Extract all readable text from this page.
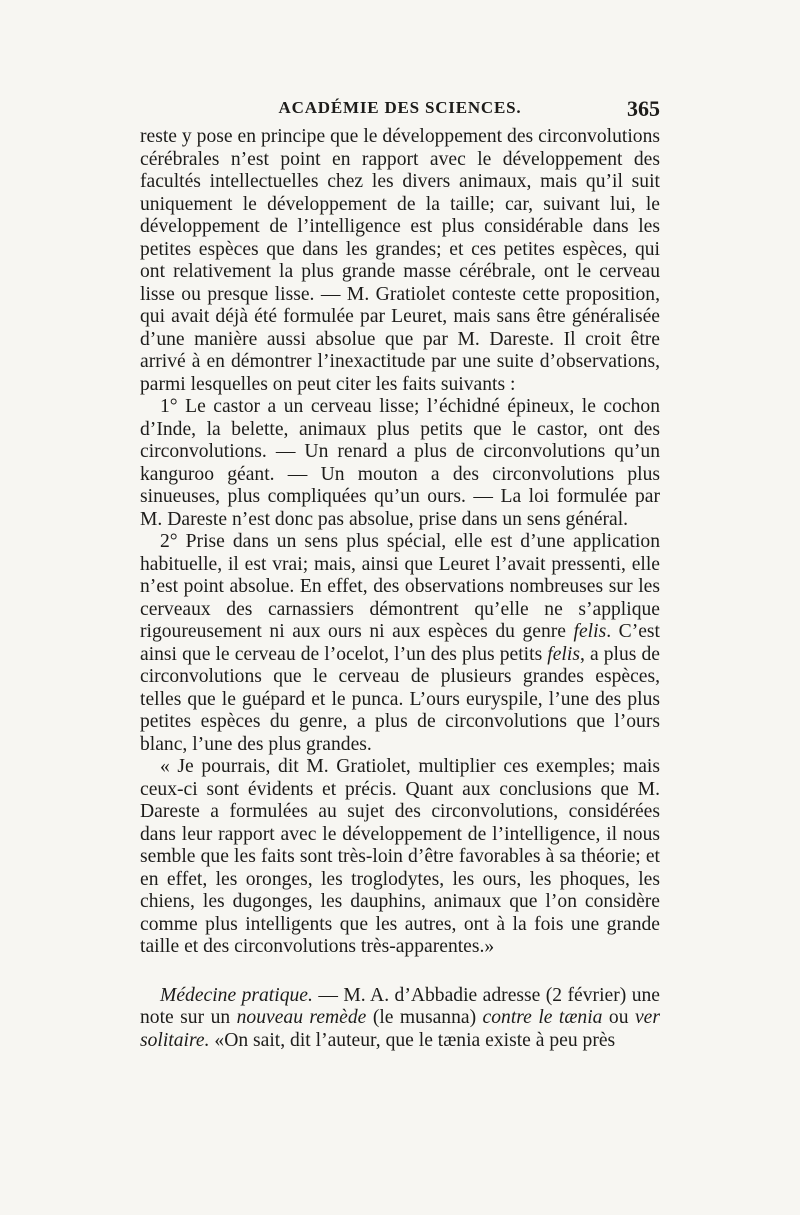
ACADÉMIE DES SCIENCES.	365

reste y pose en principe que le développement des circonvolutions cérébrales n’est point en rapport avec le développement des facultés intellectuelles chez les divers animaux, mais qu’il suit uniquement le développement de la taille; car, suivant lui, le développement de l’intelligence est plus considérable dans les petites espèces que dans les grandes; et ces petites espèces, qui ont relativement la plus grande masse cérébrale, ont le cerveau lisse ou presque lisse. — M. Gratiolet conteste cette proposition, qui avait déjà été formulée par Leuret, mais sans être généralisée d’une manière aussi absolue que par M. Dareste. Il croit être arrivé à en démontrer l’inexactitude par une suite d’observations, parmi lesquelles on peut citer les faits suivants :

1° Le castor a un cerveau lisse; l’échidné épineux, le cochon d’Inde, la belette, animaux plus petits que le castor, ont des circonvolutions. — Un renard a plus de circonvolutions qu’un kanguroo géant. — Un mouton a des circonvolutions plus sinueuses, plus compliquées qu’un ours. — La loi formulée par M. Dareste n’est donc pas absolue, prise dans un sens général.

2° Prise dans un sens plus spécial, elle est d’une application habituelle, il est vrai; mais, ainsi que Leuret l’avait pressenti, elle n’est point absolue. En effet, des observations nombreuses sur les cerveaux des carnassiers démontrent qu’elle ne s’applique rigoureusement ni aux ours ni aux espèces du genre felis. C’est ainsi que le cerveau de l’ocelot, l’un des plus petits felis, a plus de circonvolutions que le cerveau de plusieurs grandes espèces, telles que le guépard et le punca. L’ours euryspile, l’une des plus petites espèces du genre, a plus de circonvolutions que l’ours blanc, l’une des plus grandes.

« Je pourrais, dit M. Gratiolet, multiplier ces exemples; mais ceux-ci sont évidents et précis. Quant aux conclusions que M. Dareste a formulées au sujet des circonvolutions, considérées dans leur rapport avec le développement de l’intelligence, il nous semble que les faits sont très-loin d’être favorables à sa théorie; et en effet, les oronges, les troglodytes, les ours, les phoques, les chiens, les dugonges, les dauphins, animaux que l’on considère comme plus intelligents que les autres, ont à la fois une grande taille et des circonvolutions très-apparentes.»

Médecine pratique. — M. A. d’Abbadie adresse (2 février) une note sur un nouveau remède (le musanna) contre le tænia ou ver solitaire. «On sait, dit l’auteur, que le tænia existe à peu près
